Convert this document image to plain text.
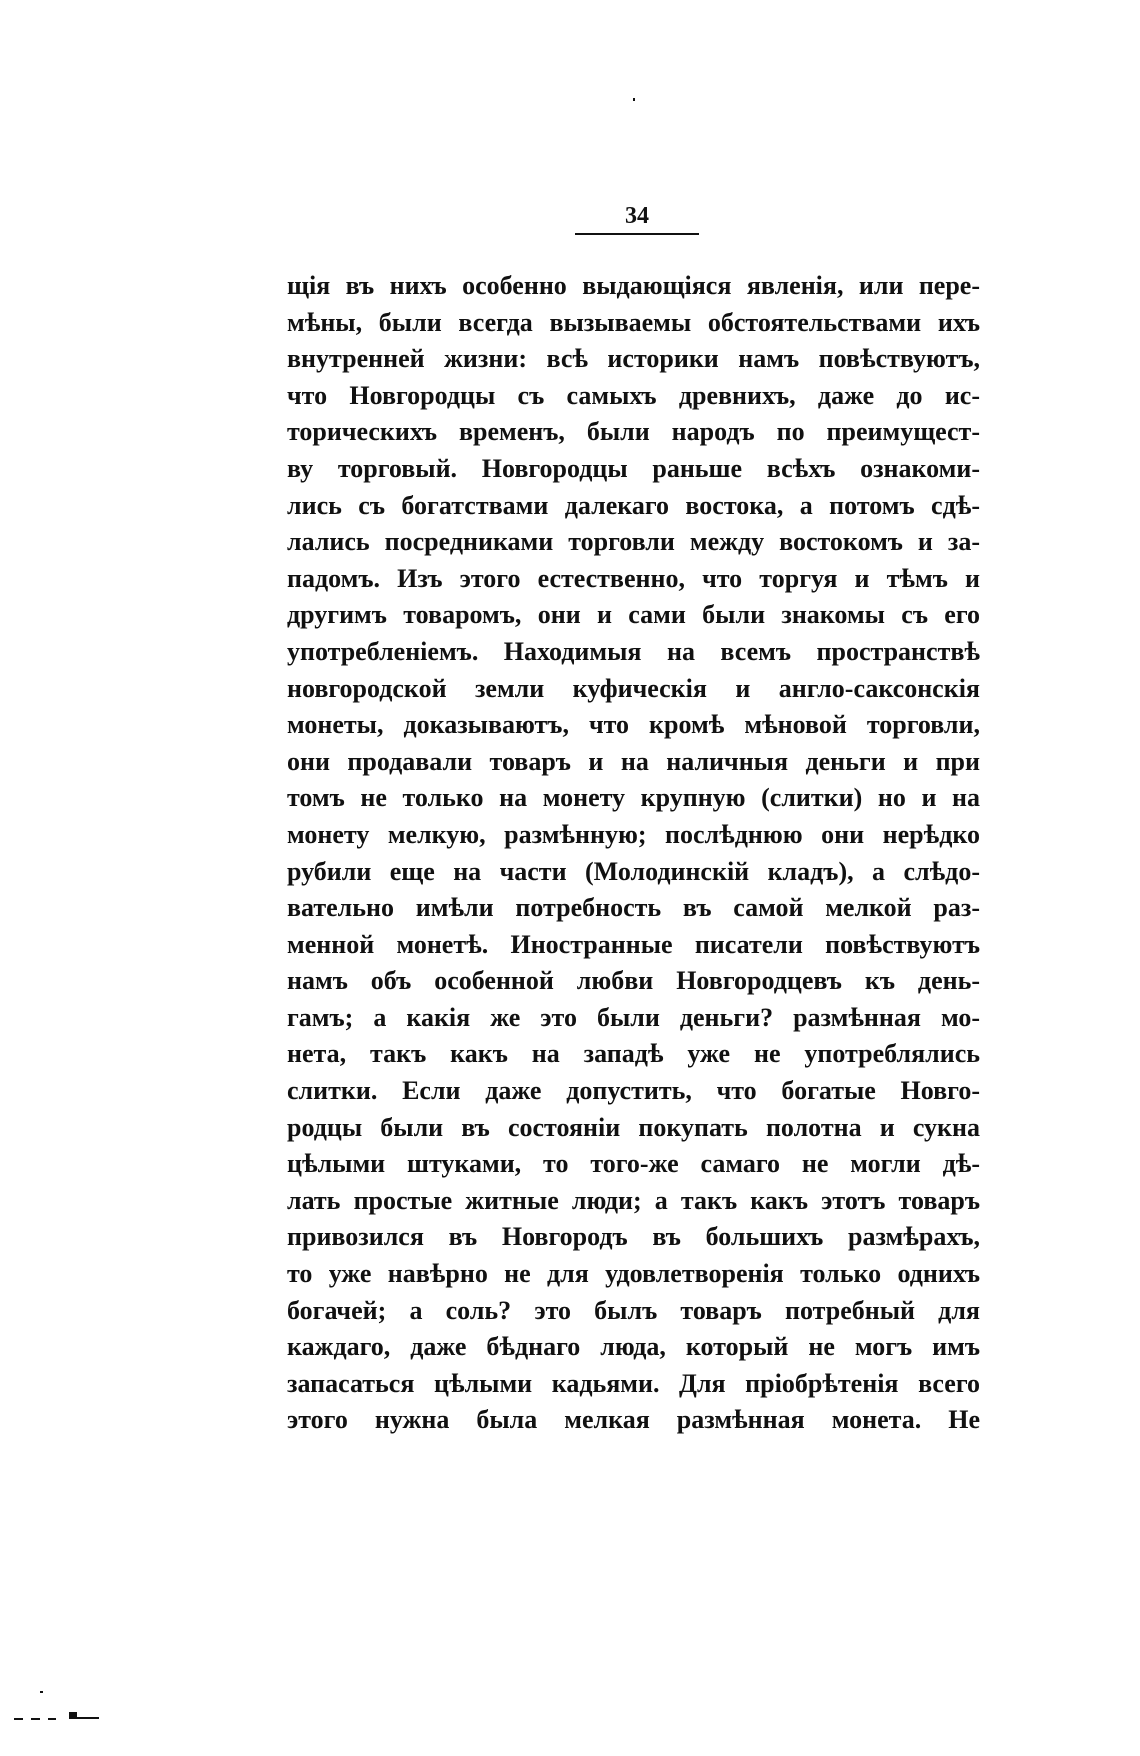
34
щія въ нихъ особенно выдающіяся явленія, или пере-
мѣны, были всегда вызываемы обстоятельствами ихъ
внутренней жизни: всѣ историки намъ повѣствуютъ,
что Новгородцы съ самыхъ древнихъ, даже до ис-
торическихъ временъ, были народъ по преимущест-
ву торговый. Новгородцы раньше всѣхъ ознакоми-
лись съ богатствами далекаго востока, а потомъ сдѣ-
лались посредниками торговли между востокомъ и за-
падомъ. Изъ этого естественно, что торгуя и тѣмъ и
другимъ товаромъ, они и сами были знакомы съ его
употребленіемъ. Находимыя на всемъ пространствѣ
новгородской земли куфическія и англо-саксонскія
монеты, доказываютъ, что кромѣ мѣновой торговли,
они продавали товаръ и на наличныя деньги и при
томъ не только на монету крупную (слитки) но и на
монету мелкую, размѣнную; послѣднюю они нерѣдко
рубили еще на части (Молодинскій кладъ), а слѣдо-
вательно имѣли потребность въ самой мелкой раз-
менной монетѣ. Иностранные писатели повѣствуютъ
намъ объ особенной любви Новгородцевъ къ день-
гамъ; а какія же это были деньги? размѣнная мо-
нета, такъ какъ на западѣ уже не употреблялись
слитки. Если даже допустить, что богатые Новго-
родцы были въ состояніи покупать полотна и сукна
цѣлыми штуками, то того-же самаго не могли дѣ-
лать простые житные люди; а такъ какъ этотъ товаръ
привозился въ Новгородъ въ большихъ размѣрахъ,
то уже навѣрно не для удовлетворенія только однихъ
богачей; а соль? это былъ товаръ потребный для
каждаго, даже бѣднаго люда, который не могъ имъ
запасаться цѣлыми кадьями. Для пріобрѣтенія всего
этого нужна была мелкая размѣнная монета. Не
